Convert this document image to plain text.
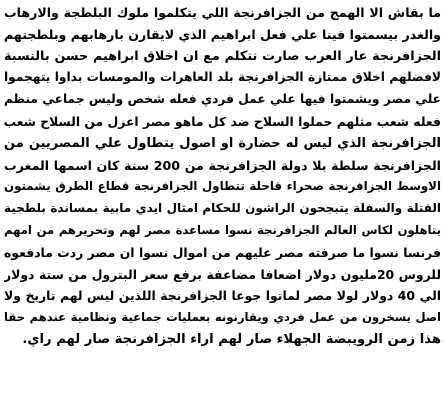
ما بقاش الا الهمج من الجزافرنجة اللي يتكلموا ملوك البلطجة والارهاب
والغدر بيسمتوا فينا علي فعل ابراهيم الذي لايقارن بارهابهم وبلطجتهم
الجزافرنجة عار العرب صارت تتكلم مع ان اخلاق ابراهيم حسن بالنسبة
لافضلهم اخلاق ممتازة الجزافرنجة بلد العاهرات والمومسات بداوا يتهجموا
علي مصر ويشمتوا فيها علي عمل فردي فعله شخص وليس جماعي منظم
فعله شعب مثلهم حملوا السلاح ضد كل ماهو مصر اعزل من السلاح شعب
الجزافرنجة الذي ليس له حضارة او اصول يتطاول علي المصريين من
الجزافرنجة سلطة بلا دولة الجزافرنجة من 200 سنة كان اسمها المغرب
الاوسط الجزافرنجة صحراء قاحلة تتطاول الجزافرنجة قطاع الطرق يشمتون
القتلة والسفلة يتبجحون الراشون للحكام امثال ايدي مابية بمساندة بلطجية
يتاهلون لكاس العالم الجزافرنجة نسوا مساعدة مصر لهم وتحريرهم من امهم
فرنسا نسوا ما صرفته مصر عليهم من اموال نسوا ان مصر ردت مادفعوه
للروس 20مليون دولار اضعافا مضاعفة برفع سعر البترول من ستة دولار
الي 40 دولار لولا مصر لماتوا جوعا الجزافرنجة اللذين ليس لهم تاريخ ولا
اصل يسخرون من عمل فردي ويقارنونه بعمليات جماعية ونظامية عندهم حقا
هذا زمن الرويبضة الجهلاء صار لهم اراء الجزافرنجة صار لهم راي.
